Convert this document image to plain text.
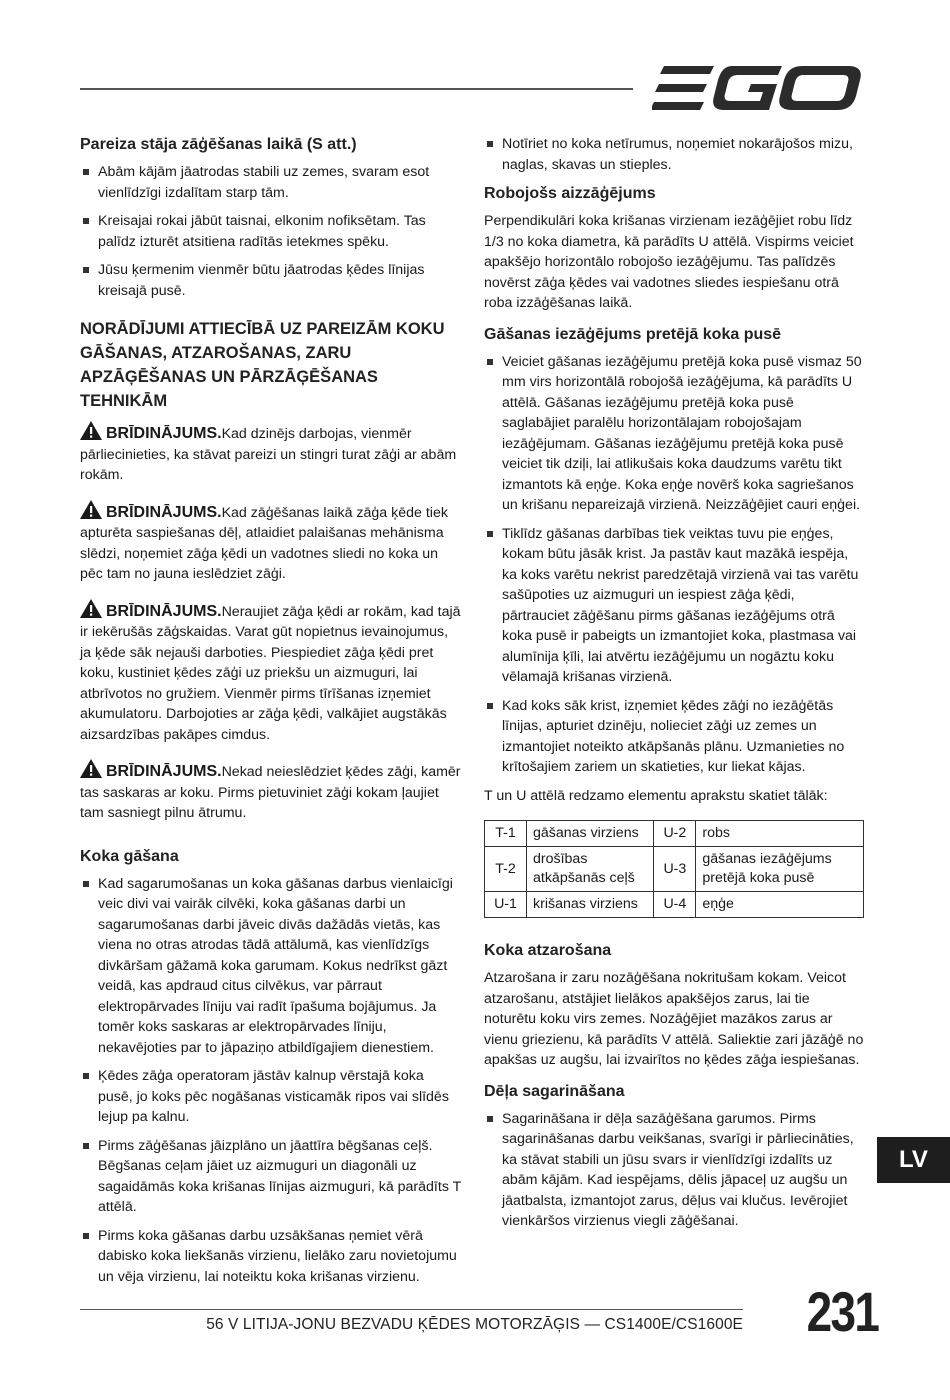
Pareiza stāja zāģēšanas laikā (S att.)
Abām kājām jāatrodas stabili uz zemes, svaram esot vienlīdzīgi izdalītam starp tām.
Kreisajai rokai jābūt taisnai, elkonim nofiksētam. Tas palīdz izturēt atsitiena radītās ietekmes spēku.
Jūsu ķermenim vienmēr būtu jāatrodas ķēdes līnijas kreisajā pusē.
NORĀDĪJUMI ATTIECĪBĀ UZ PAREIZĀM KOKU GĀŠANAS, ATZAROŠANAS, ZARU APZĀĢĒŠANAS UN PĀRZĀĢĒŠANAS TEHNIKĀM
BRĪDINĀJUMS.Kad dzinējs darbojas, vienmēr pārliecinieties, ka stāvat pareizi un stingri turat zāģi ar abām rokām.
BRĪDINĀJUMS.Kad zāģēšanas laikā zāģa ķēde tiek apturēta saspiešanas dēļ, atlaidiet palaišanas mehānisma slēdzi, noņemiet zāģa ķēdi un vadotnes sliedi no koka un pēc tam no jauna ieslēdziet zāģi.
BRĪDINĀJUMS.Neraujiet zāģa ķēdi ar rokām, kad tajā ir iekērušās zāģskaidas. Varat gūt nopietnus ievainojumus, ja ķēde sāk nejauši darboties. Piespiediet zāģa ķēdi pret koku, kustiniet ķēdes zāģi uz priekšu un aizmuguri, lai atbrīvotos no gružiem. Vienmēr pirms tīrīšanas izņemiet akumulatoru. Darbojoties ar zāģa ķēdi, valkājiet augstākās aizsardzības pakāpes cimdus.
BRĪDINĀJUMS.Nekad neieslēdziet ķēdes zāģi, kamēr tas saskaras ar koku. Pirms pietuviniet zāģi kokam ļaujiet tam sasniegt pilnu ātrumu.
Koka gāšana
Kad sagarumošanas un koka gāšanas darbus vienlaicīgi veic divi vai vairāk cilvēki, koka gāšanas darbi un sagarumošanas darbi jāveic divās dažādās vietās, kas viena no otras atrodas tādā attālumā, kas vienlīdzīgs divkāršam gāžamā koka garumam. Kokus nedrīkst gāzt veidā, kas apdraud citus cilvēkus, var pārraut elektropārvades līniju vai radīt īpašuma bojājumus. Ja tomēr koks saskaras ar elektropārvades līniju, nekavējoties par to jāpaziņo atbildīgajiem dienestiem.
Ķēdes zāģa operatoram jāstāv kalnup vērstajā koka pusē, jo koks pēc nogāšanas visticamāk ripos vai slīdēs lejup pa kalnu.
Pirms zāģēšanas jāizplāno un jāattīra bēgšanas ceļš. Bēgšanas ceļam jāiet uz aizmuguri un diagonāli uz sagaidāmās koka krišanas līnijas aizmuguri, kā parādīts T attēlā.
Pirms koka gāšanas darbu uzsākšanas ņemiet vērā dabisko koka liekšanās virzienu, lielāko zaru novietojumu un vēja virzienu, lai noteiktu koka krišanas virzienu.
Notīriet no koka netīrumus, noņemiet nokarājošos mizu, naglas, skavas un stieples.
Robojošs aizzāģējums

Perpendikulāri koka krišanas virzienam iezāģējiet robu līdz 1/3 no koka diametra, kā parādīts U attēlā. Vispirms veiciet apakšējo horizontālo robojošo iezāģējumu. Tas palīdzēs novērst zāģa ķēdes vai vadotnes sliedes iespiešanu otrā roba izzāģēšanas laikā.

Gāšanas iezāģējums pretējā koka pusē
Veiciet gāšanas iezāģējumu pretējā koka pusē vismaz 50 mm virs horizontālā robojošā iezāģējuma, kā parādīts U attēlā. Gāšanas iezāģējumu pretējā koka pusē saglabājiet paralēlu horizontālajam robojošajam iezāģējumam. Gāšanas iezāģējumu pretējā koka pusē veiciet tik dziļi, lai atlikušais koka daudzums varētu tikt izmantots kā eņģe. Koka eņģe novērš koka sagriešanos un krišanu nepareizajā virzienā. Neizzāģējiet cauri eņģei.
Tiklīdz gāšanas darbības tiek veiktas tuvu pie eņģes, kokam būtu jāsāk krist. Ja pastāv kaut mazākā iespēja, ka koks varētu nekrist paredzētajā virzienā vai tas varētu sašūpoties uz aizmuguri un iespiest zāģa ķēdi, pārtrauciet zāģēšanu pirms gāšanas iezāģējums otrā koka pusē ir pabeigts un izmantojiet koka, plastmasa vai alumīnija ķīli, lai atvērtu iezāģējumu un nogāztu koku vēlamajā krišanas virzienā.
Kad koks sāk krist, izņemiet ķēdes zāģi no iezāģētās līnijas, apturiet dzinēju, nolieciet zāģi uz zemes un izmantojiet noteikto atkāpšanās plānu. Uzmanieties no krītošajiem zariem un skatieties, kur liekat kājas.

T un U attēlā redzamo elementu aprakstu skatiet tālāk:

T-1	gāšanas virziens	U-2	robs
T-2	drošības atkāpšanās ceļš	U-3	gāšanas iezāģējums pretējā koka pusē
U-1	krišanas virziens	U-4	eņģe
Koka atzarošana

Atzarošana ir zaru nozāģēšana nokritušam kokam. Veicot atzarošanu, atstājiet lielākos apakšējos zarus, lai tie noturētu koku virs zemes. Nozāģējiet mazākos zarus ar vienu griezienu, kā parādīts V attēlā. Saliektie zari jāzāģē no apakšas uz augšu, lai izvairītos no ķēdes zāģa iespiešanas.

Dēļa sagarināšana
Sagarināšana ir dēļa sazāģēšana garumos. Pirms sagarināšanas darbu veikšanas, svarīgi ir pārliecināties, ka stāvat stabili un jūsu svars ir vienlīdzīgi izdalīts uz abām kājām. Kad iespējams, dēlis jāpaceļ uz augšu un jāatbalsta, izmantojot zarus, dēļus vai klučus. Ievērojiet vienkāršos virzienus viegli zāģēšanai.
LV
56 V LITIJA-JONU BEZVADU ĶĒDES MOTORZĀĢIS — CS1400E/CS1600E 231
